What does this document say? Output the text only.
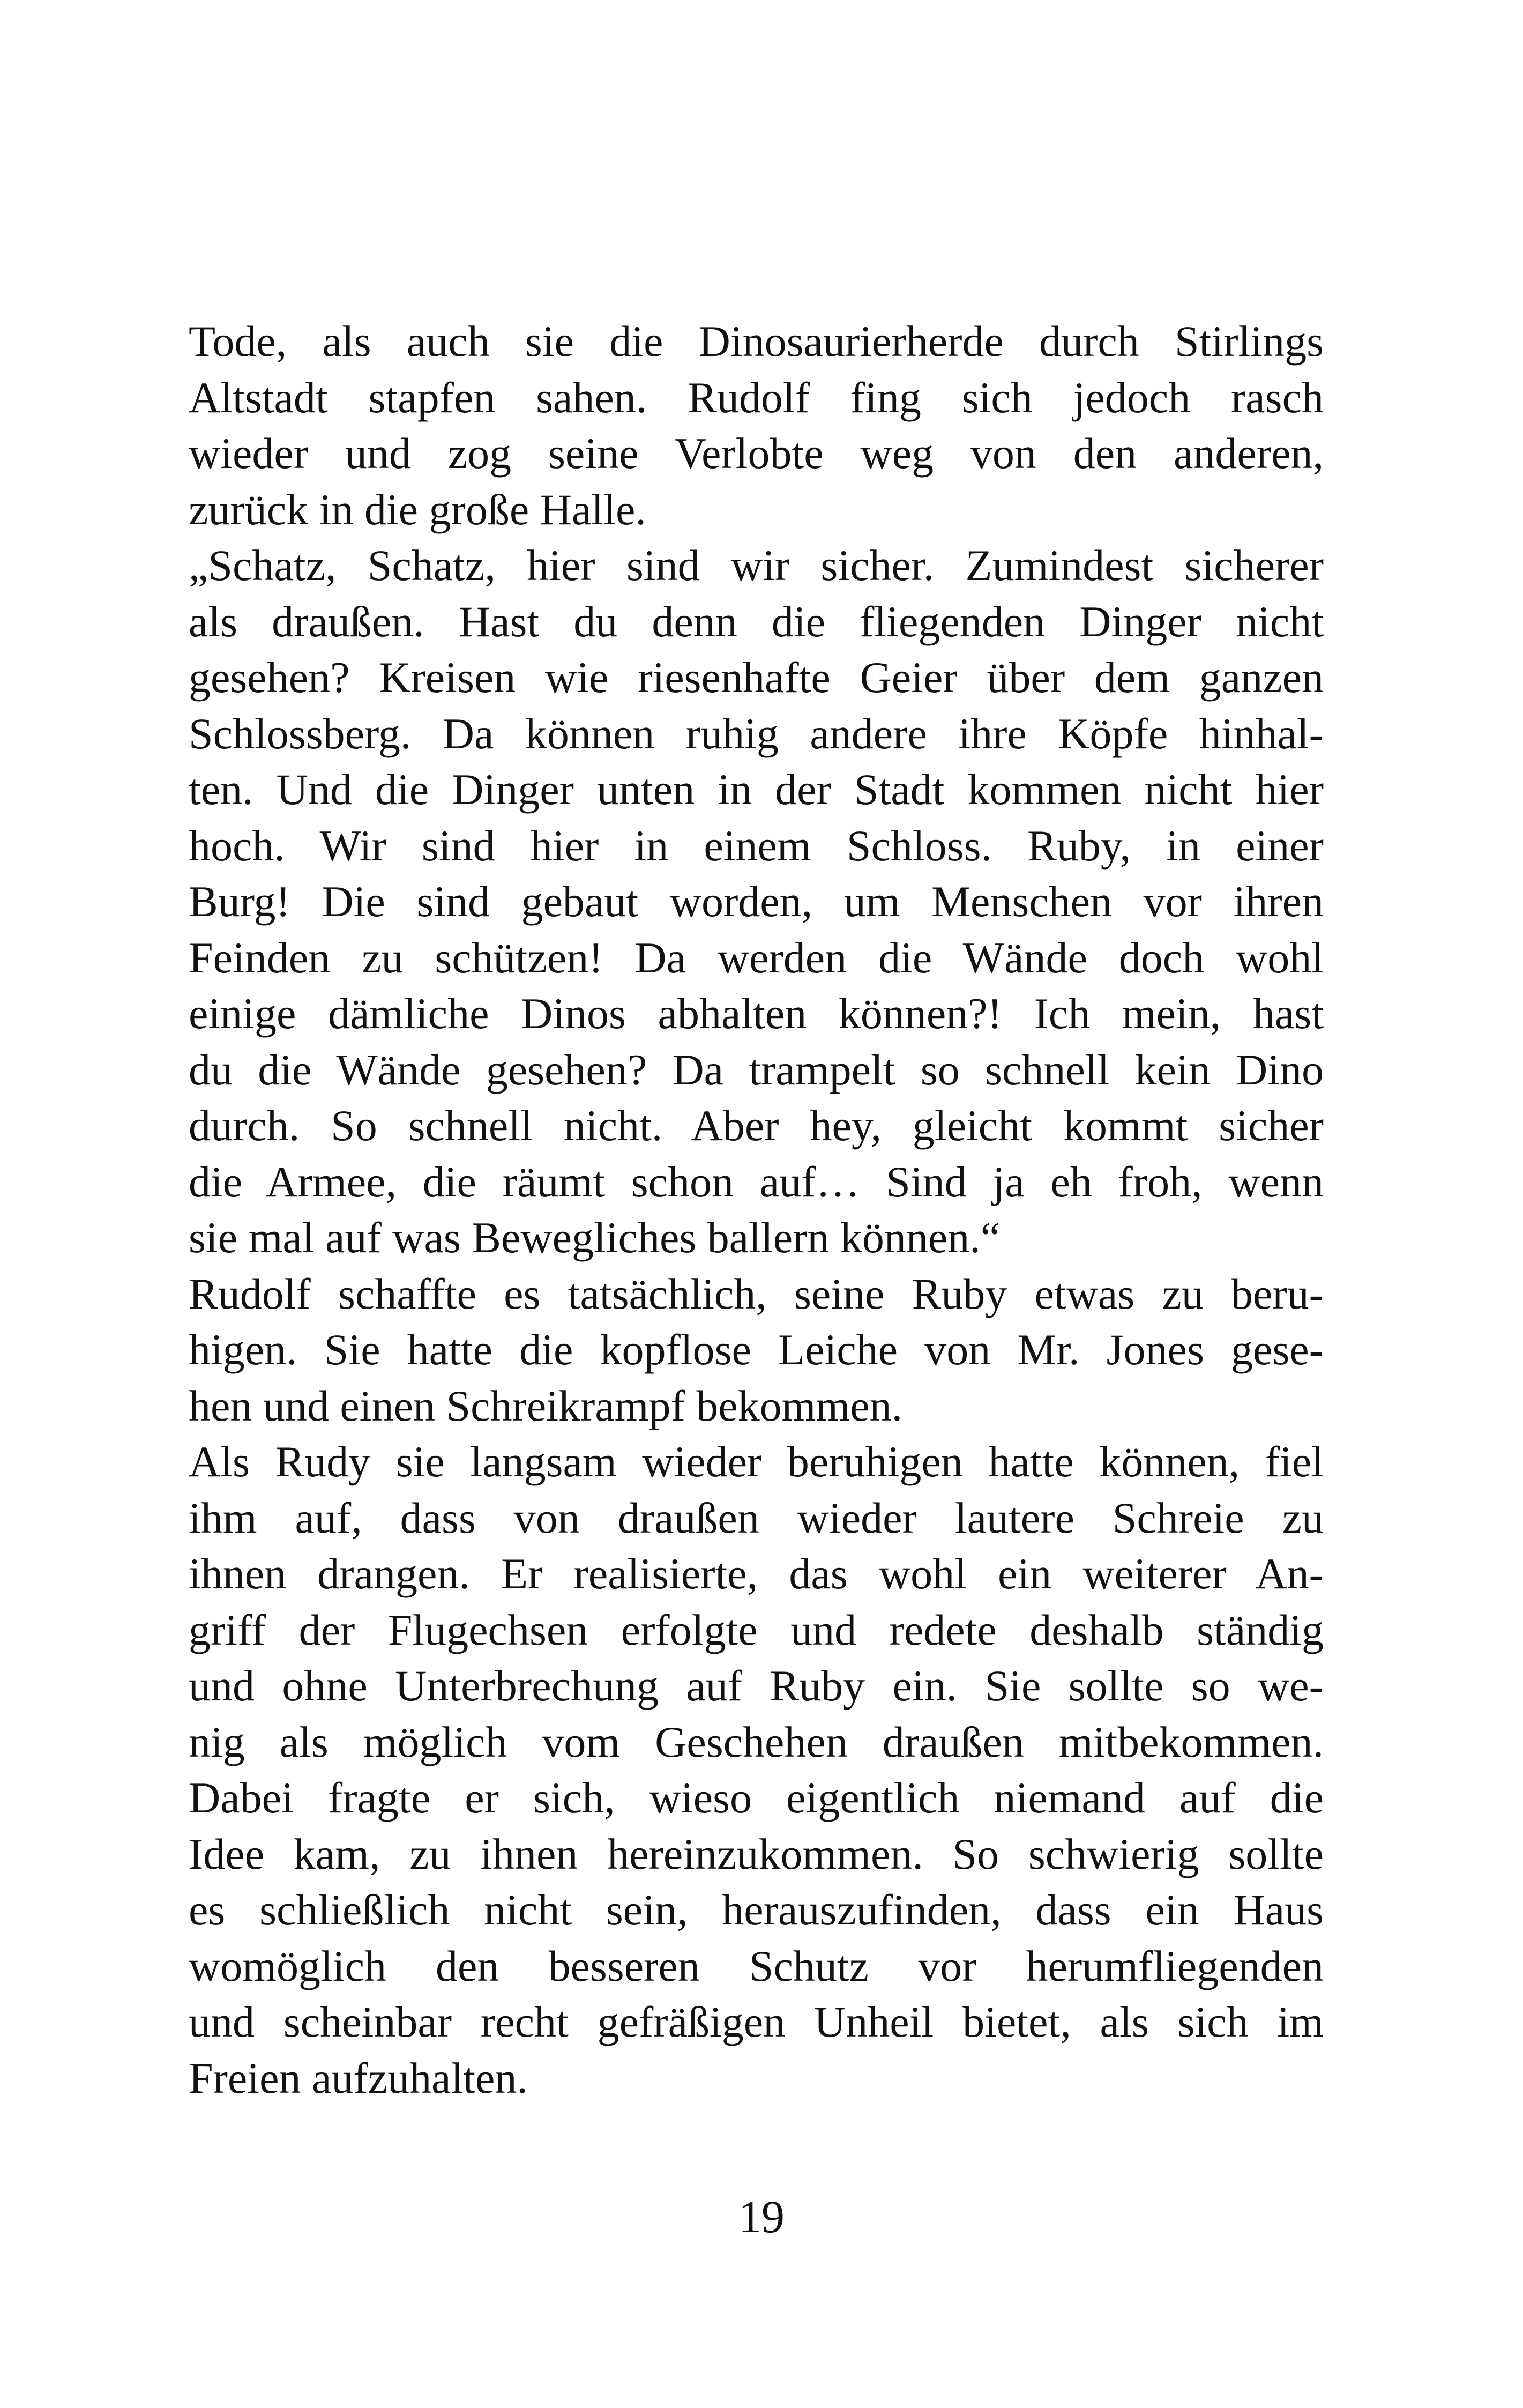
Tode, als auch sie die Dinosaurierherde durch Stirlings
Altstadt stapfen sahen. Rudolf fing sich jedoch rasch
wieder und zog seine Verlobte weg von den anderen,
zurück in die große Halle.
„Schatz, Schatz, hier sind wir sicher. Zumindest sicherer
als draußen. Hast du denn die fliegenden Dinger nicht
gesehen? Kreisen wie riesenhafte Geier über dem ganzen
Schlossberg. Da können ruhig andere ihre Köpfe hinhal-
ten. Und die Dinger unten in der Stadt kommen nicht hier
hoch. Wir sind hier in einem Schloss. Ruby, in einer
Burg! Die sind gebaut worden, um Menschen vor ihren
Feinden zu schützen! Da werden die Wände doch wohl
einige dämliche Dinos abhalten können?! Ich mein, hast
du die Wände gesehen? Da trampelt so schnell kein Dino
durch. So schnell nicht. Aber hey, gleicht kommt sicher
die Armee, die räumt schon auf… Sind ja eh froh, wenn
sie mal auf was Bewegliches ballern können.“
Rudolf schaffte es tatsächlich, seine Ruby etwas zu beru-
higen. Sie hatte die kopflose Leiche von Mr. Jones gese-
hen und einen Schreikrampf bekommen.
Als Rudy sie langsam wieder beruhigen hatte können, fiel
ihm auf, dass von draußen wieder lautere Schreie zu
ihnen drangen. Er realisierte, das wohl ein weiterer An-
griff der Flugechsen erfolgte und redete deshalb ständig
und ohne Unterbrechung auf Ruby ein. Sie sollte so we-
nig als möglich vom Geschehen draußen mitbekommen.
Dabei fragte er sich, wieso eigentlich niemand auf die
Idee kam, zu ihnen hereinzukommen. So schwierig sollte
es schließlich nicht sein, herauszufinden, dass ein Haus
womöglich den besseren Schutz vor herumfliegenden
und scheinbar recht gefräßigen Unheil bietet, als sich im
Freien aufzuhalten.
19
